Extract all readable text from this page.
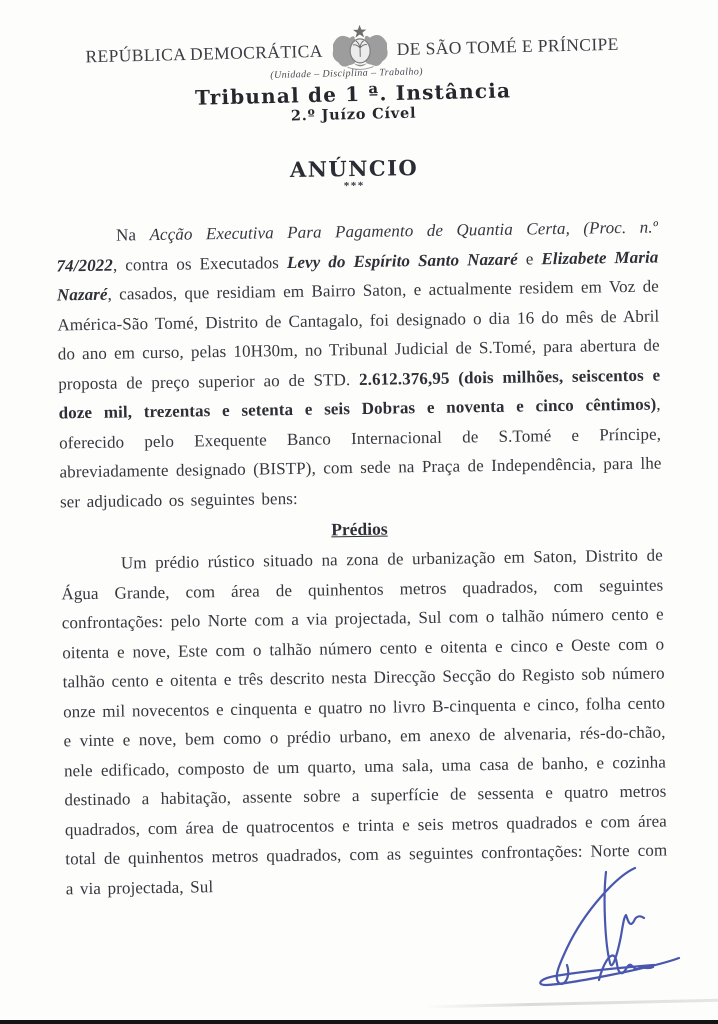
REPÚBLICA DEMOCRÁTICA	DE SÃO TOMÉ E PRÍNCIPE
(Unidade – Disciplina – Trabalho)
Tribunal de 1 ª. Instância
2.º Juízo Cível
ANÚNCIO
***

Na Acção Executiva Para Pagamento de Quantia Certa, (Proc. n.º 74/2022, contra os Executados Levy do Espírito Santo Nazaré e Elizabete Maria Nazaré, casados, que residiam em Bairro Saton, e actualmente residem em Voz de América-São Tomé, Distrito de Cantagalo, foi designado o dia 16 do mês de Abril do ano em curso, pelas 10H30m, no Tribunal Judicial de S.Tomé, para abertura de proposta de preço superior ao de STD. 2.612.376,95 (dois milhões, seiscentos e doze mil, trezentas e setenta e seis Dobras e noventa e cinco cêntimos), oferecido pelo Exequente Banco Internacional de S.Tomé e Príncipe, abreviadamente designado (BISTP), com sede na Praça de Independência, para lhe ser adjudicado os seguintes bens:

Prédios

Um prédio rústico situado na zona de urbanização em Saton, Distrito de Água Grande, com área de quinhentos metros quadrados, com seguintes confrontações: pelo Norte com a via projectada, Sul com o talhão número cento e oitenta e nove, Este com o talhão número cento e oitenta e cinco e Oeste com o talhão cento e oitenta e três descrito nesta Direcção Secção do Registo sob número onze mil novecentos e cinquenta e quatro no livro B-cinquenta e cinco, folha cento e vinte e nove, bem como o prédio urbano, em anexo de alvenaria, rés-do-chão, nele edificado, composto de um quarto, uma sala, uma casa de banho, e cozinha destinado a habitação, assente sobre a superfície de sessenta e quatro metros quadrados, com área de quatrocentos e trinta e seis metros quadrados e com área total de quinhentos metros quadrados, com as seguintes confrontações: Norte com a via projectada, Sul
